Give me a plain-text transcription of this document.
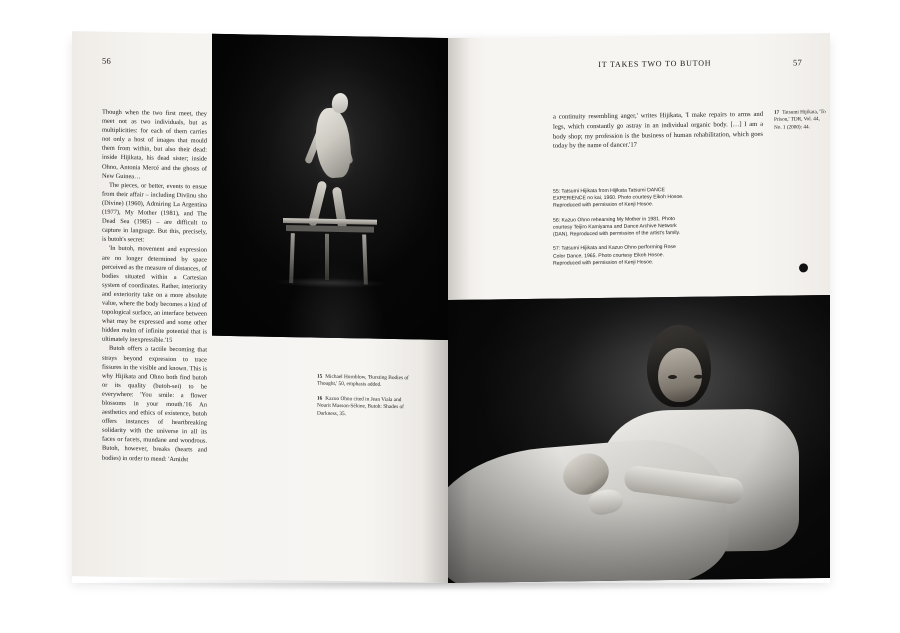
56

Though when the two first meet, they meet not as two individuals, but as multiplicities: for each of them carries not only a host of images that mould them from within, but also their dead: inside Hijikata, his dead sister; inside Ohno, Antonia Mercé and the ghosts of New Guinea…

The pieces, or better, events to ensue from their affair – including Divīinu sho (Divine) (1960), Admiring La Argentina (1977), My Mother (1981), and The Dead Sea (1985) – are difficult to capture in language. But this, precisely, is butoh's secret:

'In butoh, movement and expression are no longer determined by space perceived as the measure of distances, of bodies situated within a Cartesian system of coordinates. Rather, interiority and exteriority take on a more absolute value, where the body becomes a kind of topological surface, an interface between what may be expressed and some other hidden realm of infinite potential that is ultimately inexpressible.'15

Butoh offers a tactile becoming that strays beyond expression to trace fissures in the visible and known. This is why Hijikata and Ohno both find butoh or its quality (butoh-sei) to be everywhere: 'You smile: a flower blossoms in your mouth.'16 An aesthetics and ethics of existence, butoh offers instances of heartbreaking solidarity with the universe in all its faces or facets, mundane and wondrous. Butoh, however, breaks (hearts and bodies) in order to mend: 'Amidst

15 Michael Hornblow, 'Bursting Bodies of Thought,' 50, emphasis added.

16 Kazuo Ohno cited in Jean Viala and Nourit Masson-Sékine, Butoh: Shades of Darkness, 35.

IT TAKES TWO TO BUTOH	57

a continuity resembling anger,' writes Hijikata, 'I make repairs to arms and legs, which constantly go astray in an individual organic body. […] I am a body shop; my profession is the business of human rehabilitation, which goes today by the name of dancer.'17

55: Tatsumi Hijikata from Hijikata Tatsumi DANCE EXPERIENCE no kai, 1960. Photo courtesy Eikoh Hosoe. Reproduced with permission of Kenji Hosoe.

56: Kazuo Ohno rehearsing My Mother in 1981. Photo courtesy Teijiro Kamiyama and Dance Archive Network (DAN). Reproduced with permission of the artist's family.

57: Tatsumi Hijikata and Kazuo Ohno performing Rose Color Dance, 1965. Photo courtesy Eikoh Hosoe. Reproduced with permission of Kenji Hosoe.

17 Tatsumi Hijikata, 'To Prison,' TDR, Vol. 44, No. 1 (2000): 44.
